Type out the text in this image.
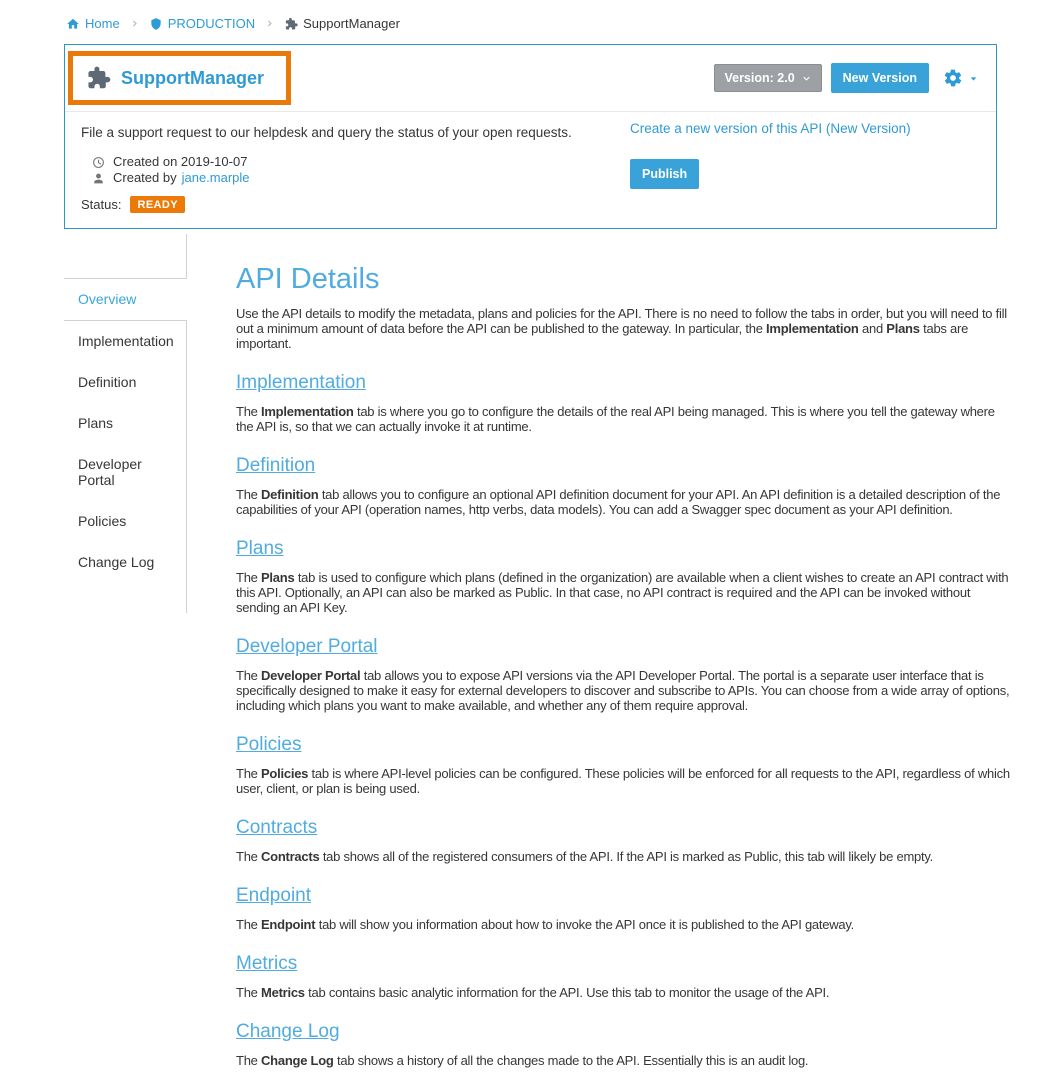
Home	PRODUCTION	SupportManager
SupportManager	Version: 2.0	New Version

File a support request to our helpdesk and query the status of your open requests.

Created on 2019-10-07
Created by jane.marple
Status:	READY
Create a new version of this API (New Version)
Publish
Overview
Implementation
Definition
Plans
Developer Portal
Policies
Change Log
API Details

Use the API details to modify the metadata, plans and policies for the API. There is no need to follow the tabs in order, but you will need to fill out a minimum amount of data before the API can be published to the gateway. In particular, the Implementation and Plans tabs are important.

Implementation

The Implementation tab is where you go to configure the details of the real API being managed. This is where you tell the gateway where the API is, so that we can actually invoke it at runtime.

Definition

The Definition tab allows you to configure an optional API definition document for your API. An API definition is a detailed description of the capabilities of your API (operation names, http verbs, data models). You can add a Swagger spec document as your API definition.

Plans

The Plans tab is used to configure which plans (defined in the organization) are available when a client wishes to create an API contract with this API. Optionally, an API can also be marked as Public. In that case, no API contract is required and the API can be invoked without sending an API Key.

Developer Portal

The Developer Portal tab allows you to expose API versions via the API Developer Portal. The portal is a separate user interface that is specifically designed to make it easy for external developers to discover and subscribe to APIs. You can choose from a wide array of options, including which plans you want to make available, and whether any of them require approval.

Policies

The Policies tab is where API-level policies can be configured. These policies will be enforced for all requests to the API, regardless of which user, client, or plan is being used.

Contracts

The Contracts tab shows all of the registered consumers of the API. If the API is marked as Public, this tab will likely be empty.

Endpoint

The Endpoint tab will show you information about how to invoke the API once it is published to the API gateway.

Metrics

The Metrics tab contains basic analytic information for the API. Use this tab to monitor the usage of the API.

Change Log

The Change Log tab shows a history of all the changes made to the API. Essentially this is an audit log.
